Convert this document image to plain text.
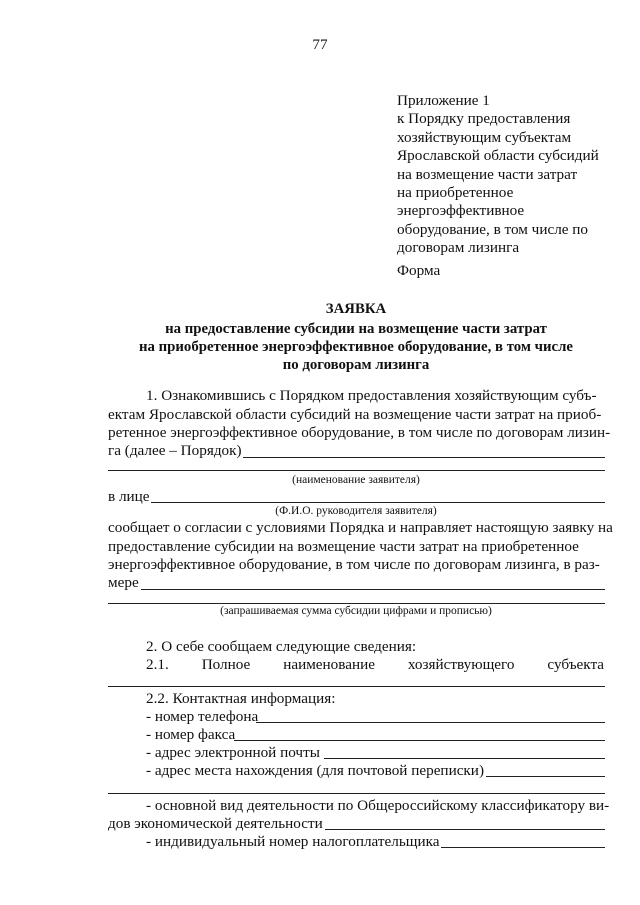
77
Приложение 1
к Порядку предоставления
хозяйствующим субъектам
Ярославской области субсидий
на возмещение части затрат
на приобретенное
энергоэффективное
оборудование, в том числе по
договорам лизинга
Форма
ЗАЯВКА
на предоставление субсидии на возмещение части затрат
на приобретенное энергоэффективное оборудование, в том числе
по договорам лизинга
1. Ознакомившись с Порядком предоставления хозяйствующим субъ-
ектам Ярославской области субсидий на возмещение части затрат на приоб-
ретенное энергоэффективное оборудование, в том числе по договорам лизин-
га (далее – Порядок)
(наименование заявителя)
в лице
(Ф.И.О. руководителя заявителя)
сообщает о согласии с условиями Порядка и направляет настоящую заявку на
предоставление субсидии на возмещение части затрат на приобретенное
энергоэффективное оборудование, в том числе по договорам лизинга, в раз-
мере
(запрашиваемая сумма субсидии цифрами и прописью)
2. О себе сообщаем следующие сведения:
2.1. Полное наименование хозяйствующего субъекта
2.2. Контактная информация:
- номер телефона
- номер факса
- адрес электронной почты
- адрес места нахождения (для почтовой переписки)
- основной вид деятельности по Общероссийскому классификатору ви-
дов экономической деятельности
- индивидуальный номер налогоплательщика
